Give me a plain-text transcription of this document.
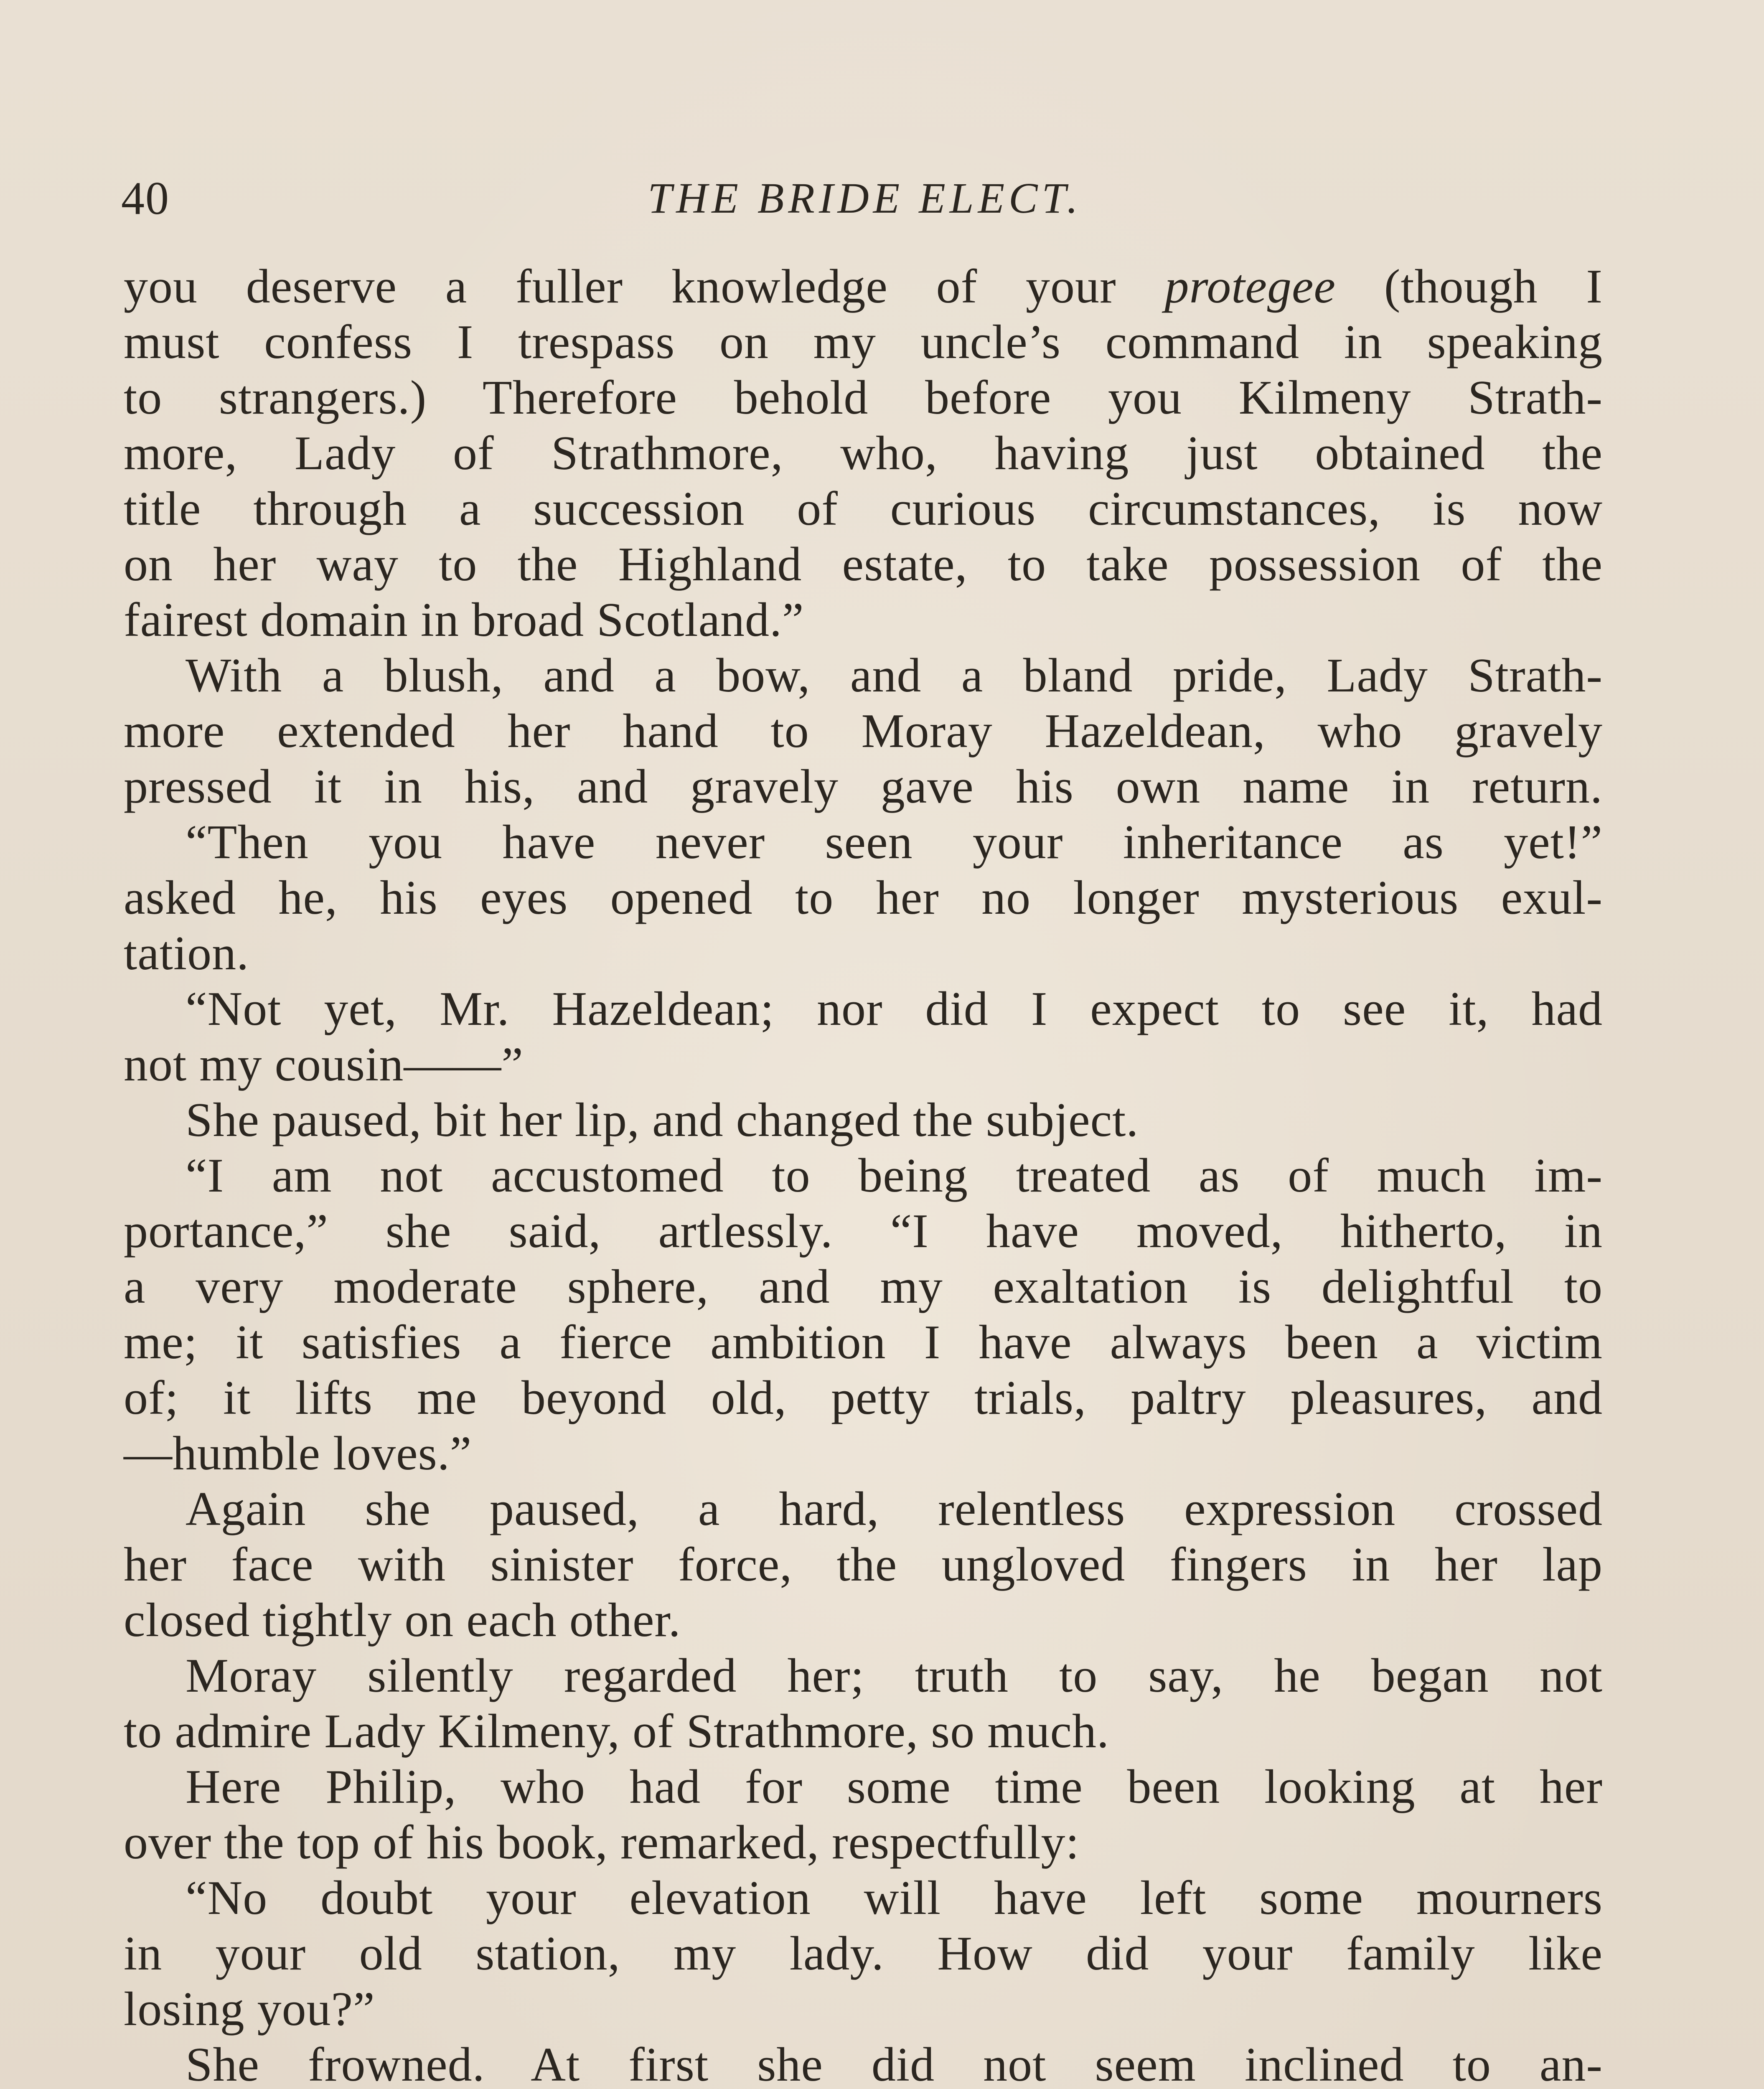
40	THE BRIDE ELECT.
you deserve a fuller knowledge of your protegee (though I
must confess I trespass on my uncle’s command in speaking
to strangers.) Therefore behold before you Kilmeny Strath-
more, Lady of Strathmore, who, having just obtained the
title through a succession of curious circumstances, is now
on her way to the Highland estate, to take possession of the
fairest domain in broad Scotland.”
With a blush, and a bow, and a bland pride, Lady Strath-
more extended her hand to Moray Hazeldean, who gravely
pressed it in his, and gravely gave his own name in return.
“Then you have never seen your inheritance as yet!”
asked he, his eyes opened to her no longer mysterious exul-
tation.
“Not yet, Mr. Hazeldean; nor did I expect to see it, had
not my cousin——”
She paused, bit her lip, and changed the subject.
“I am not accustomed to being treated as of much im-
portance,” she said, artlessly. “I have moved, hitherto, in
a very moderate sphere, and my exaltation is delightful to
me; it satisfies a fierce ambition I have always been a victim
of; it lifts me beyond old, petty trials, paltry pleasures, and
—humble loves.”
Again she paused, a hard, relentless expression crossed
her face with sinister force, the ungloved fingers in her lap
closed tightly on each other.
Moray silently regarded her; truth to say, he began not
to admire Lady Kilmeny, of Strathmore, so much.
Here Philip, who had for some time been looking at her
over the top of his book, remarked, respectfully:
“No doubt your elevation will have left some mourners
in your old station, my lady. How did your family like
losing you?”
She frowned. At first she did not seem inclined to an-
